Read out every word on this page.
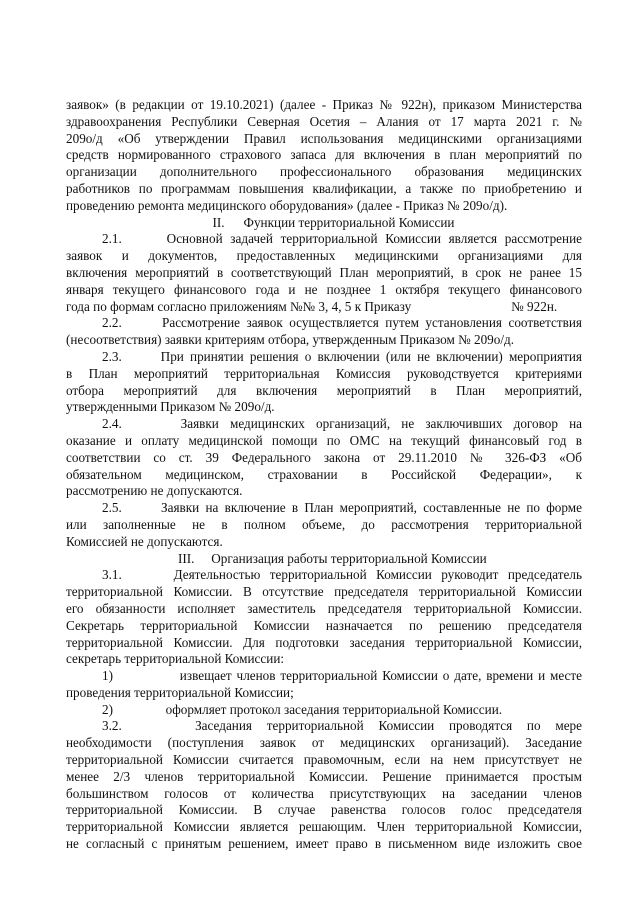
заявок» (в редакции от 19.10.2021) (далее - Приказ № 922н), приказом Министерства
здравоохранения Республики Северная Осетия – Алания от 17 марта 2021 г. №
209о/д «Об утверждении Правил использования медицинскими организациями
средств нормированного страхового запаса для включения в план мероприятий по
организации дополнительного профессионального образования медицинских
работников по программам повышения квалификации, а также по приобретению и
проведению ремонта медицинского оборудования» (далее - Приказ № 209о/д).
II. Функции территориальной Комиссии
2.1.	Основной задачей территориальной Комиссии является рассмотрение
заявок и документов, предоставленных медицинскими организациями для
включения мероприятий в соответствующий План мероприятий, в срок не ранее 15
января текущего финансового года и не позднее 1 октября текущего финансового
года по формам согласно приложениям №№ 3, 4, 5 к Приказу	№ 922н.
2.2.	Рассмотрение заявок осуществляется путем установления соответствия
(несоответствия) заявки критериям отбора, утвержденным Приказом № 209о/д.
2.3.	При принятии решения о включении (или не включении) мероприятия
в План мероприятий территориальная Комиссия руководствуется критериями
отбора мероприятий для включения мероприятий в План мероприятий,
утвержденными Приказом № 209о/д.
2.4.	Заявки медицинских организаций, не заключивших договор на
оказание и оплату медицинской помощи по ОМС на текущий финансовый год в
соответствии со ст. 39 Федерального закона от 29.11.2010 № 326-ФЗ «Об
обязательном медицинском, страховании в Российской Федерации», к
рассмотрению не допускаются.
2.5.	Заявки на включение в План мероприятий, составленные не по форме
или заполненные не в полном объеме, до рассмотрения территориальной
Комиссией не допускаются.
III. Организация работы территориальной Комиссии
3.1.	Деятельностью территориальной Комиссии руководит председатель
территориальной Комиссии. В отсутствие председателя территориальной Комиссии
его обязанности исполняет заместитель председателя территориальной Комиссии.
Секретарь территориальной Комиссии назначается по решению председателя
территориальной Комиссии. Для подготовки заседания территориальной Комиссии,
секретарь территориальной Комиссии:
1)	извещает членов территориальной Комиссии о дате, времени и месте
проведения территориальной Комиссии;
2)	оформляет протокол заседания территориальной Комиссии.
3.2.	Заседания территориальной Комиссии проводятся по мере
необходимости (поступления заявок от медицинских организаций). Заседание
территориальной Комиссии считается правомочным, если на нем присутствует не
менее 2/3 членов территориальной Комиссии. Решение принимается простым
большинством голосов от количества присутствующих на заседании членов
территориальной Комиссии. В случае равенства голосов голос председателя
территориальной Комиссии является решающим. Член территориальной Комиссии,
не согласный с принятым решением, имеет право в письменном виде изложить свое
